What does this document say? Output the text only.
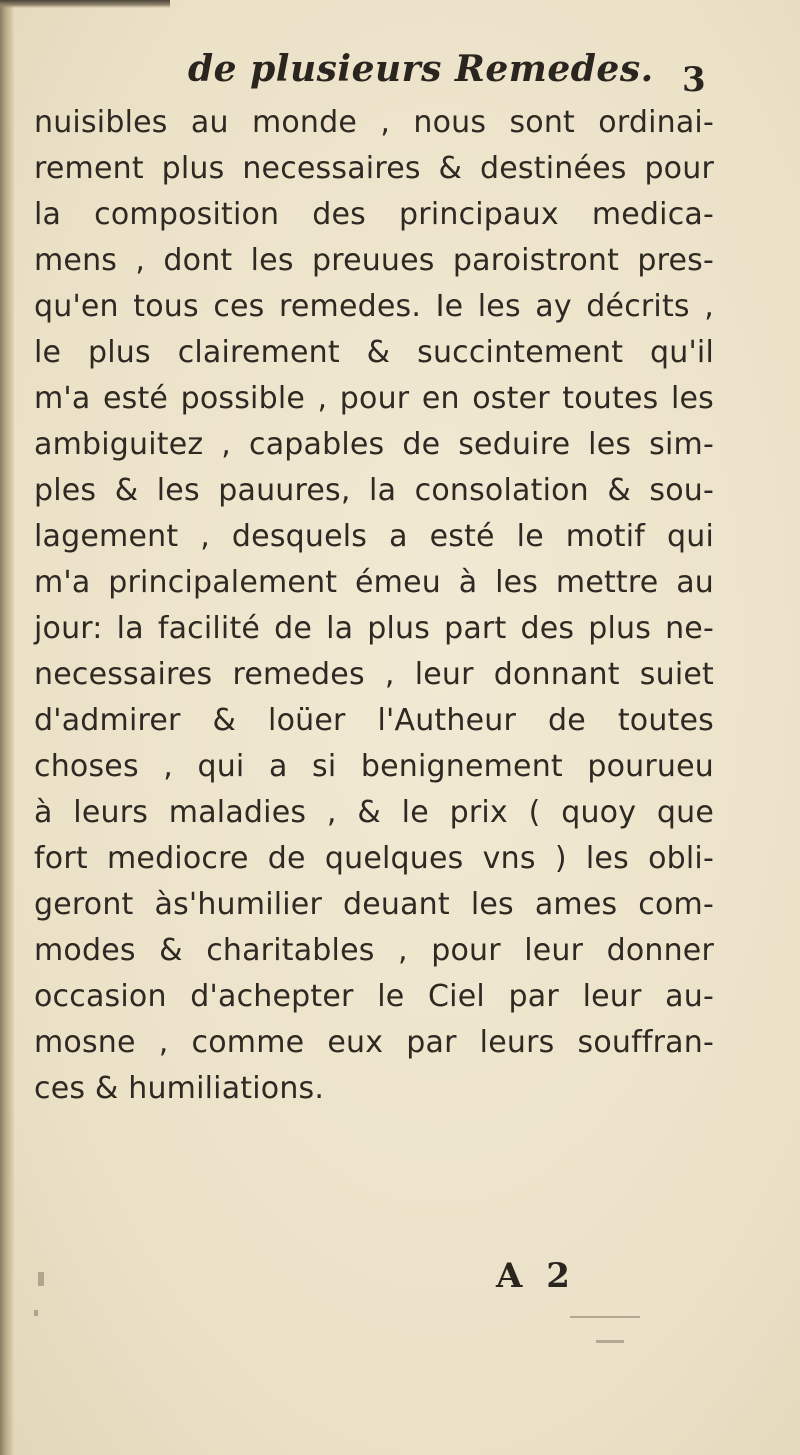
de plusieurs Remedes. 3
nuisibles au monde , nous sont ordinai-
rement plus necessaires & destinées pour
la composition des principaux medica-
mens , dont les preuues paroistront pres-
qu'en tous ces remedes. Ie les ay décrits ,
le plus clairement & succintement qu'il
m'a esté possible , pour en oster toutes les
ambiguitez , capables de seduire les sim-
ples & les pauures, la consolation & sou-
lagement , desquels a esté le motif qui
m'a principalement émeu à les mettre au
jour: la facilité de la plus part des plus ne-
necessaires remedes , leur donnant suiet
d'admirer & loüer l'Autheur de toutes
choses , qui a si benignement pourueu
à leurs maladies , & le prix ( quoy que
fort mediocre de quelques vns ) les obli-
geront às'humilier deuant les ames com-
modes & charitables , pour leur donner
occasion d'achepter le Ciel par leur au-
mosne , comme eux par leurs souffran-
ces & humiliations.
A 2
